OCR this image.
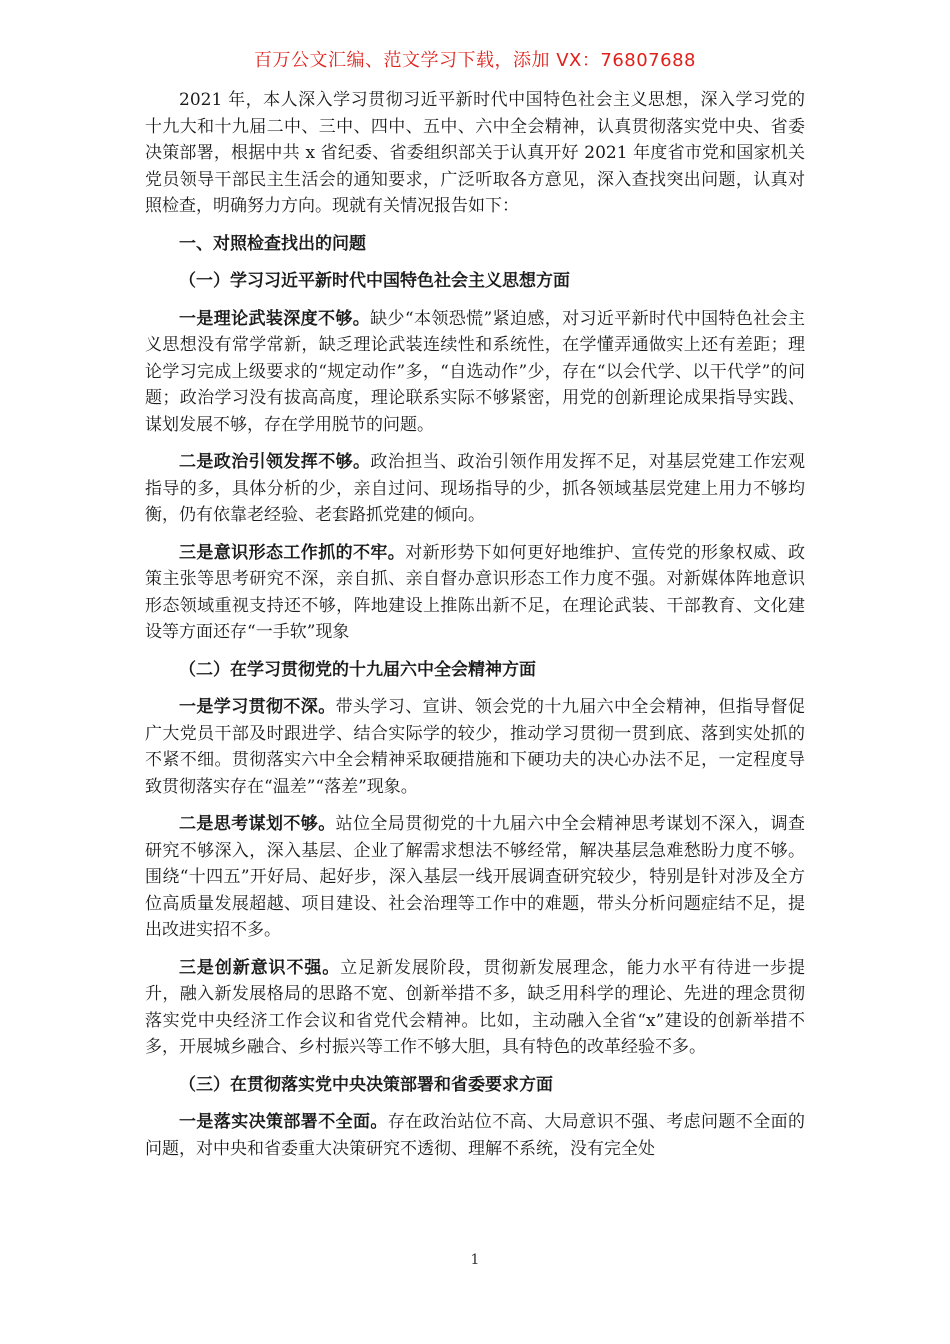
百万公文汇编、范文学习下载，添加 VX：76807688

2021 年，本人深入学习贯彻习近平新时代中国特色社会主义思想，深入学习党的十九大和十九届二中、三中、四中、五中、六中全会精神，认真贯彻落实党中央、省委决策部署，根据中共 x 省纪委、省委组织部关于认真开好 2021 年度省市党和国家机关党员领导干部民主生活会的通知要求，广泛听取各方意见，深入查找突出问题，认真对照检查，明确努力方向。现就有关情况报告如下：

一、对照检查找出的问题
（一）学习习近平新时代中国特色社会主义思想方面

一是理论武装深度不够。缺少“本领恐慌”紧迫感，对习近平新时代中国特色社会主义思想没有常学常新，缺乏理论武装连续性和系统性，在学懂弄通做实上还有差距；理论学习完成上级要求的“规定动作”多，“自选动作”少，存在“以会代学、以干代学”的问题；政治学习没有拔高高度，理论联系实际不够紧密，用党的创新理论成果指导实践、谋划发展不够，存在学用脱节的问题。

二是政治引领发挥不够。政治担当、政治引领作用发挥不足，对基层党建工作宏观指导的多，具体分析的少，亲自过问、现场指导的少，抓各领域基层党建上用力不够均衡，仍有依靠老经验、老套路抓党建的倾向。

三是意识形态工作抓的不牢。对新形势下如何更好地维护、宣传党的形象权威、政策主张等思考研究不深，亲自抓、亲自督办意识形态工作力度不强。对新媒体阵地意识形态领域重视支持还不够，阵地建设上推陈出新不足，在理论武装、干部教育、文化建设等方面还存“一手软”现象

（二）在学习贯彻党的十九届六中全会精神方面

一是学习贯彻不深。带头学习、宣讲、领会党的十九届六中全会精神，但指导督促广大党员干部及时跟进学、结合实际学的较少，推动学习贯彻一贯到底、落到实处抓的不紧不细。贯彻落实六中全会精神采取硬措施和下硬功夫的决心办法不足，一定程度导致贯彻落实存在“温差”“落差”现象。

二是思考谋划不够。站位全局贯彻党的十九届六中全会精神思考谋划不深入，调查研究不够深入，深入基层、企业了解需求想法不够经常，解决基层急难愁盼力度不够。围绕“十四五”开好局、起好步，深入基层一线开展调查研究较少，特别是针对涉及全方位高质量发展超越、项目建设、社会治理等工作中的难题，带头分析问题症结不足，提出改进实招不多。

三是创新意识不强。立足新发展阶段，贯彻新发展理念，能力水平有待进一步提升，融入新发展格局的思路不宽、创新举措不多，缺乏用科学的理论、先进的理念贯彻落实党中央经济工作会议和省党代会精神。比如，主动融入全省“x”建设的创新举措不多，开展城乡融合、乡村振兴等工作不够大胆，具有特色的改革经验不多。

（三）在贯彻落实党中央决策部署和省委要求方面

一是落实决策部署不全面。存在政治站位不高、大局意识不强、考虑问题不全面的问题，对中央和省委重大决策研究不透彻、理解不系统，没有完全处

1
